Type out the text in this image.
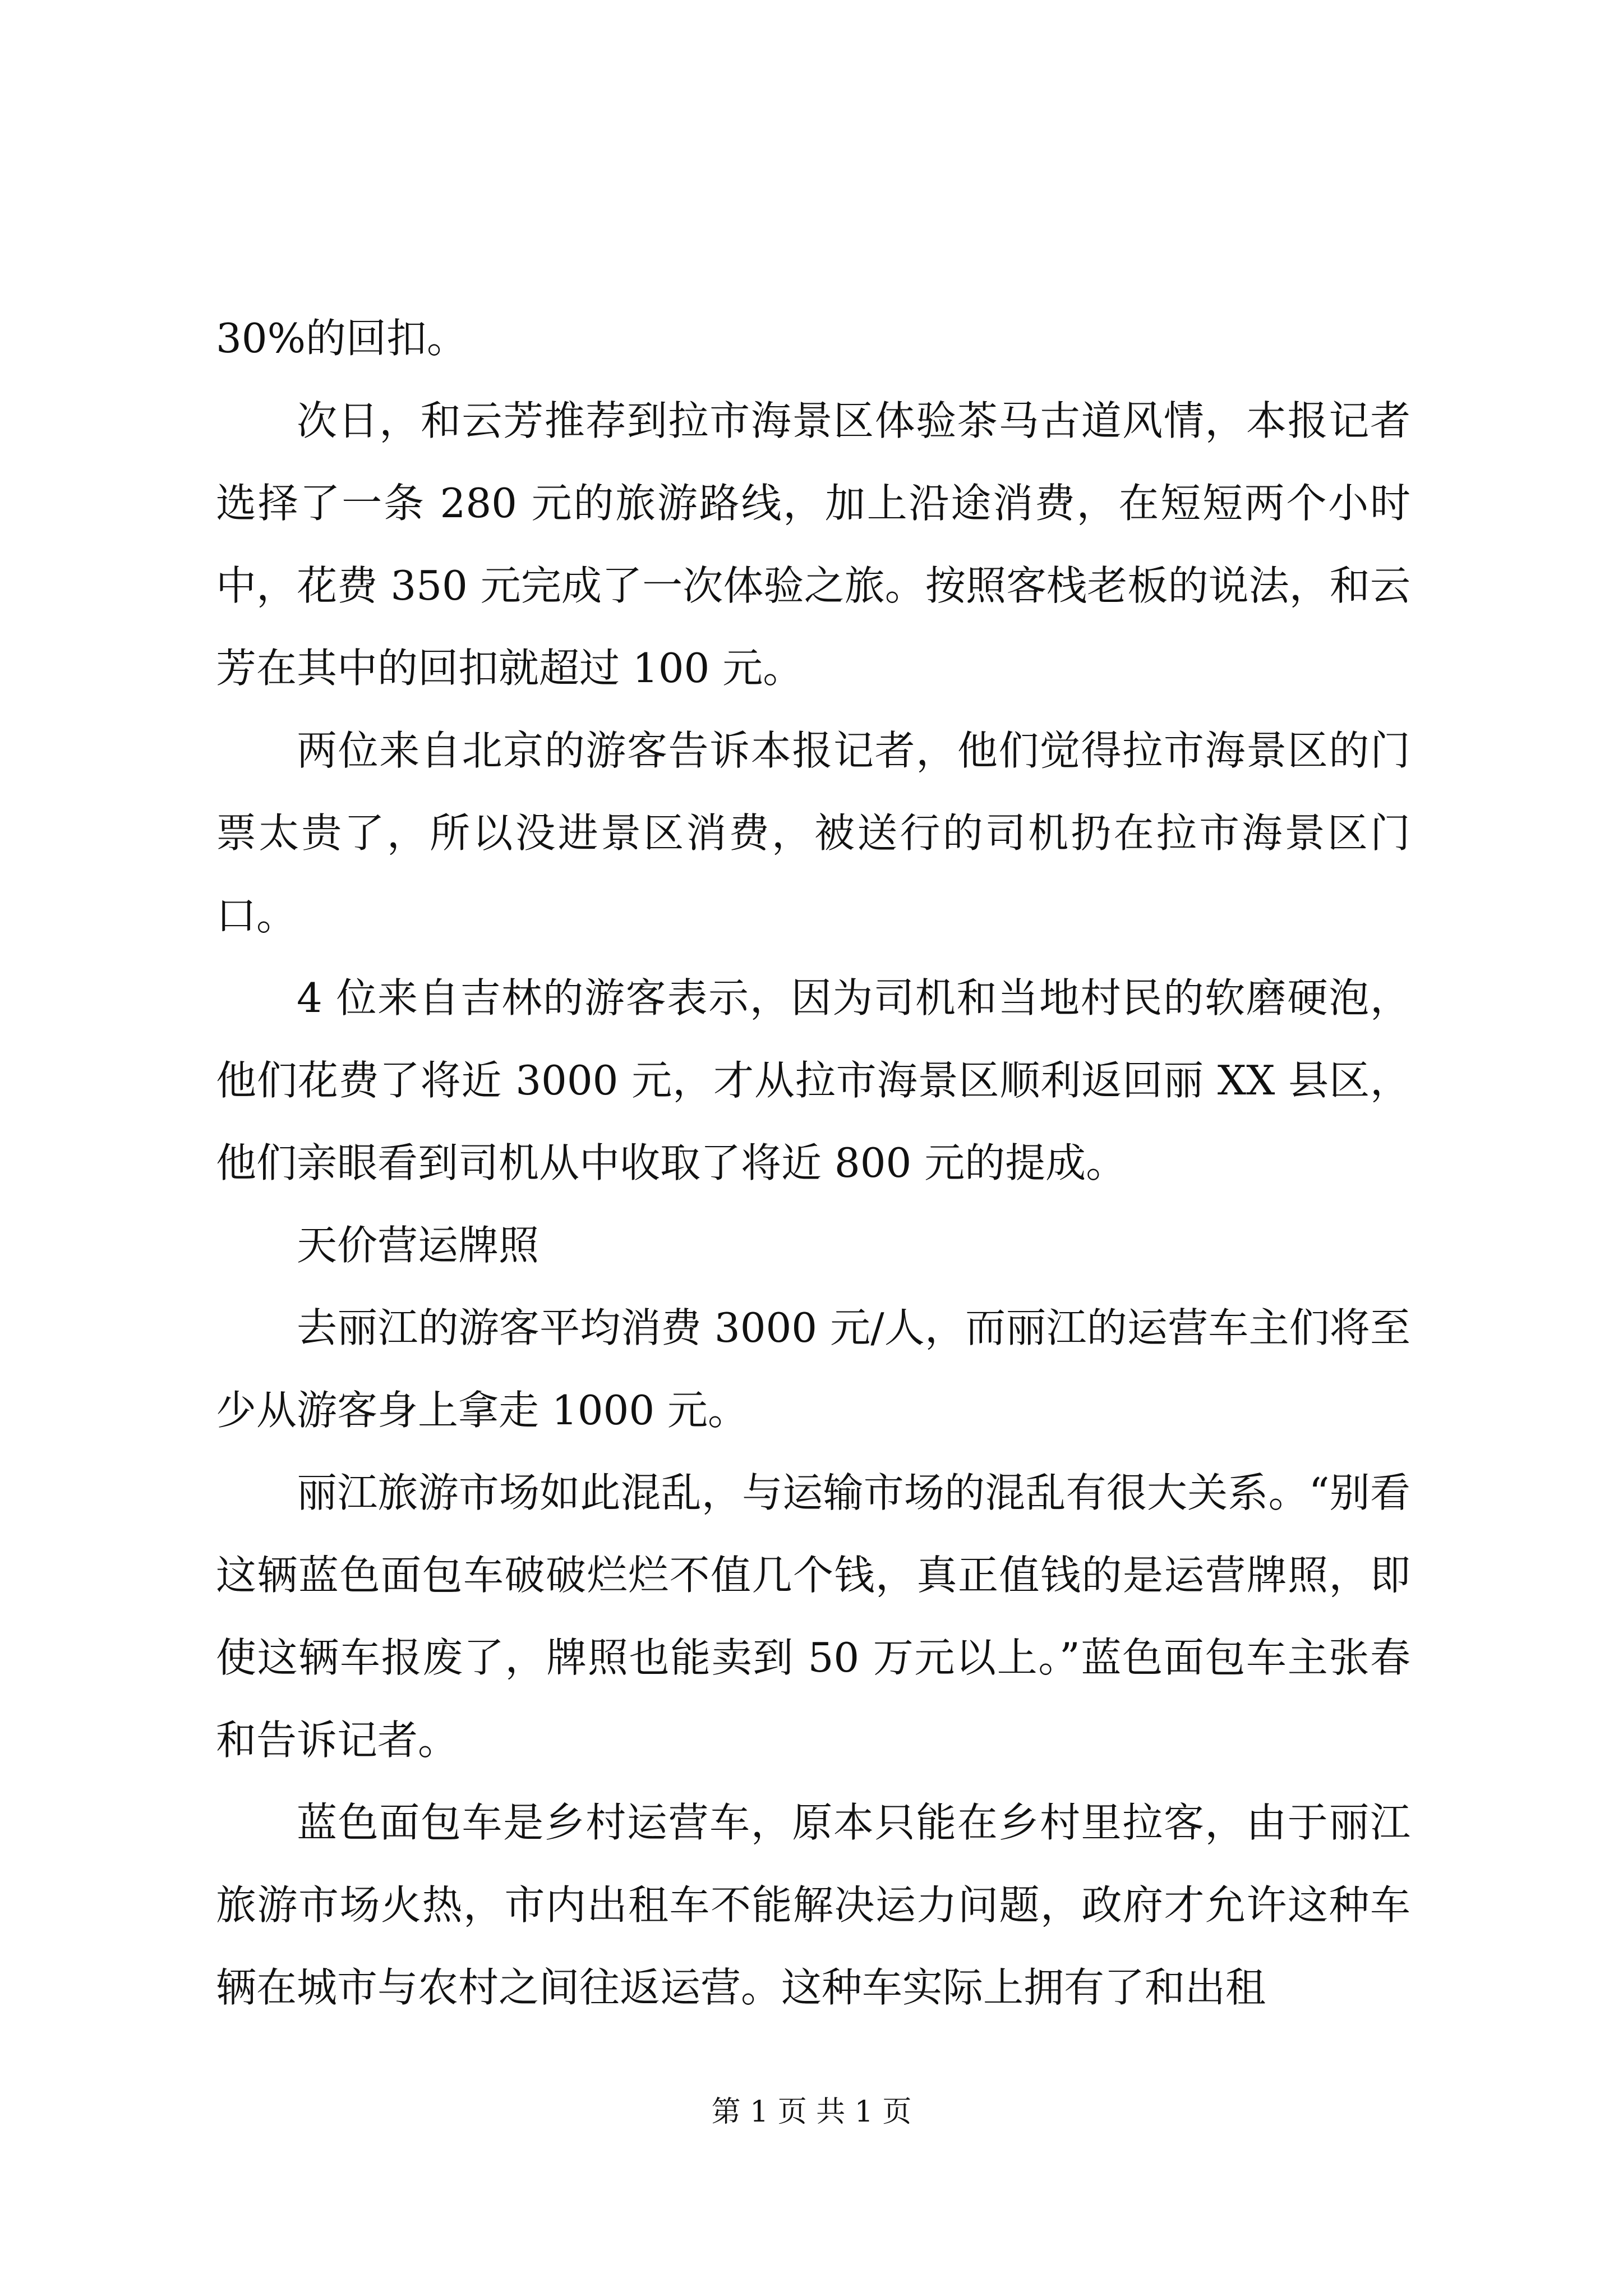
30%的回扣。

次日，和云芳推荐到拉市海景区体验茶马古道风情，本报记者选择了一条 280 元的旅游路线，加上沿途消费，在短短两个小时中，花费 350 元完成了一次体验之旅。按照客栈老板的说法，和云芳在其中的回扣就超过 100 元。

两位来自北京的游客告诉本报记者，他们觉得拉市海景区的门票太贵了，所以没进景区消费，被送行的司机扔在拉市海景区门口。

4 位来自吉林的游客表示，因为司机和当地村民的软磨硬泡，他们花费了将近 3000 元，才从拉市海景区顺利返回丽 XX 县区，他们亲眼看到司机从中收取了将近 800 元的提成。

天价营运牌照

去丽江的游客平均消费 3000 元/人，而丽江的运营车主们将至少从游客身上拿走 1000 元。

丽江旅游市场如此混乱，与运输市场的混乱有很大关系。“别看这辆蓝色面包车破破烂烂不值几个钱，真正值钱的是运营牌照，即使这辆车报废了，牌照也能卖到 50 万元以上。”蓝色面包车主张春和告诉记者。

蓝色面包车是乡村运营车，原本只能在乡村里拉客，由于丽江旅游市场火热，市内出租车不能解决运力问题，政府才允许这种车辆在城市与农村之间往返运营。这种车实际上拥有了和出租

第 1 页 共 1 页
